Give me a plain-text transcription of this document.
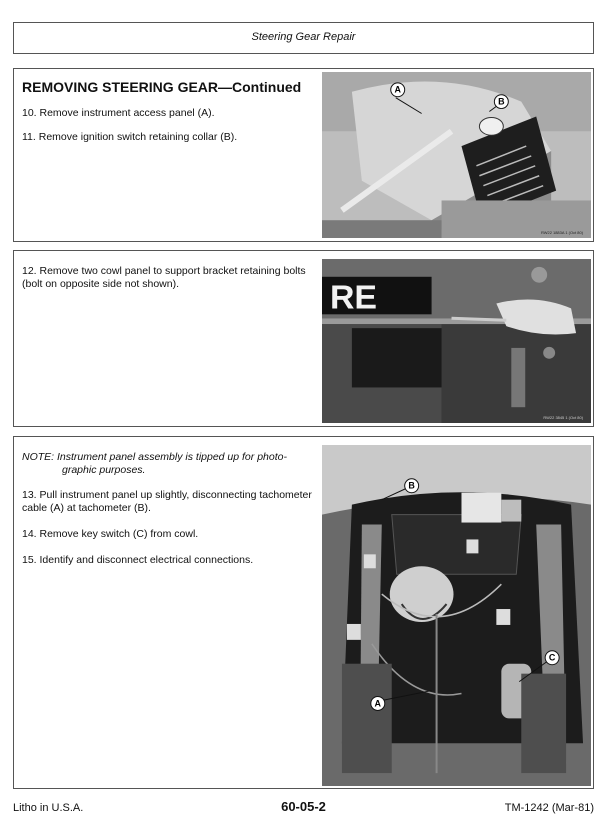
Steering Gear Repair
REMOVING STEERING GEAR—Continued

10. Remove instrument access panel (A).

11. Remove ignition switch retaining collar (B).

A
B
RW22 1883A 1 (Oct 80)

12. Remove two cowl panel to support bracket retaining bolts (bolt on opposite side not shown).	RE
RW22 3845 1 (Oct 80)

NOTE: Instrument panel assembly is tipped up for photo-
graphic purposes.

13. Pull instrument panel up slightly, disconnecting tachometer cable (A) at tachometer (B).

14. Remove key switch (C) from cowl.

15. Identify and disconnect electrical connections.

A
B
C
Litho in U.S.A.	60-05-2	TM-1242 (Mar-81)
